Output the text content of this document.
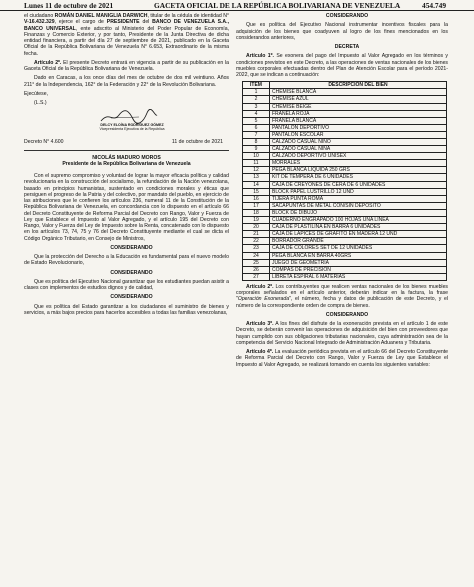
Lunes 11 de octubre de 2021	GACETA OFICIAL DE LA REPÚBLICA BOLIVARIANA DE VENEZUELA	454.749

el ciudadano ROMÁN DANIEL MANIGLIA DARWICH, titular de la cédula de identidad N° V-16.432.329, ejerce el cargo de PRESIDENTE del BANCO DE VENEZUELA S.A., BANCO UNIVERSAL, ente adscrito al Ministerio del Poder Popular de Economía, Finanzas y Comercio Exterior, y por tanto, Presidente de la Junta Directiva de dicha entidad financiera, a partir del día 27 de septiembre de 2021, publicado en la Gaceta Oficial de la República Bolivariana de Venezuela N° 6.653, Extraordinario de la misma fecha.

Artículo 2º. El presente Decreto entrará en vigencia a partir de su publicación en la Gaceta Oficial de la República Bolivariana de Venezuela.

Dado en Caracas, a los once días del mes de octubre de dos mil veintiuno. Años 211° de la Independencia, 162° de la Federación y 22° de la Revolución Bolivariana.

Ejecútese,

(L.S.)

DELCY ELOÍNA RODRÍGUEZ GÓMEZ
Vicepresidenta Ejecutiva de la República
Decreto N° 4.600	11 de octubre de 2021

NICOLÁS MADURO MOROS

Presidente de la República Bolivariana de Venezuela

Con el supremo compromiso y voluntad de lograr la mayor eficacia política y calidad revolucionaria en la construcción del socialismo, la refundación de la Nación venezolana, basado en principios humanistas, sustentado en condiciones morales y éticas que persiguen el progreso de la Patria y del colectivo, por mandato del pueblo, en ejercicio de las atribuciones que le confieren los artículos 236, numeral 11 de la Constitución de la República Bolivariana de Venezuela, en concordancia con lo dispuesto en el artículo 66 del Decreto Constituyente de Reforma Parcial del Decreto con Rango, Valor y Fuerza de Ley que Establece el Impuesto al Valor Agregado, y el artículo 195 del Decreto con Rango, Valor y Fuerza del Ley de Impuesto sobre la Renta, concatenado con lo dispuesto en los artículos 73, 74, 75 y 76 del Decreto Constituyente mediante el cual se dicta el Código Orgánico Tributario, en Consejo de Ministros,

CONSIDERANDO

Que la protección del Derecho a la Educación es fundamental para el nuevo modelo de Estado Revolucionario,

CONSIDERANDO

Que es política del Ejecutivo Nacional garantizar que los estudiantes puedan asistir a clases con implementos de estudios dignos y de calidad,

CONSIDERANDO

Que es política del Estado garantizar a los ciudadanos el suministro de bienes y servicios, a más bajos precios para hacerlos accesibles a todas las familias venezolanas,

CONSIDERANDO

Que es política del Ejecutivo Nacional instrumentar incentivos fiscales para la adquisición de los bienes que coadyuven al logro de los fines mencionados en los considerandos anteriores,

DECRETA

Artículo 1º. Se exonera del pago del Impuesto al Valor Agregado en los términos y condiciones previstos en este Decreto, a las operaciones de ventas nacionales de los bienes muebles corporales efectuadas dentro del Plan de Atención Escolar para el período 2021-2022, que se indican a continuación:

ITEM	DESCRIPCIÓN DEL BIEN
1	CHEMISE BLANCA
2	CHEMISE AZUL
3	CHEMISE BEIGE
4	FRANELA ROJA
5	FRANELA BLANCA
6	PANTALÓN DEPORTIVO
7	PANTALÓN ESCOLAR
8	CALZADO CASUAL NIÑO
9	CALZADO CASUAL NIÑA
10	CALZADO DEPORTIVO UNISEX
11	MORRALES
12	PEGA BLANCA LÍQUIDA 250 GRS
13	KIT DE TEMPERA DE 6 UNIDADES
14	CAJA DE CREYONES DE CERA DE 6 UNIDADES
15	BLOCK PAPEL LUSTRILLO 12 UND
16	TIJERA PUNTA ROMA
17	SACAPUNTAS DE METAL CON/SIN DEPOSITO
18	BLOCK DE DIBUJO
19	CUADERNO ENGRAPADO 100 HOJAS UNA LÍNEA
20	CAJA DE PLASTILINA EN BARRA 6 UNIDADES
21	CAJA DE LAPICES DE GRAFITO EN MADERA 12 UND
22	BORRADOR GRANDE
23	CAJA DE COLORES SET DE 12 UNIDADES
24	PEGA BLANCA EN BARRA 40GRS
25	JUEGO DE GEOMETRÍA
26	COMPÁS DE PRECISIÓN
27	LIBRETA ESPIRAL 6 MATERIAS

Artículo 2º. Los contribuyentes que realicen ventas nacionales de los bienes muebles corporales señalados en el artículo anterior, deberán indicar en la factura, la frase "Operación Exonerada", el número, fecha y datos de publicación de este Decreto, y el número de la correspondiente orden de compra de bienes.

CONSIDERANDO

Artículo 3º. A los fines del disfrute de la exoneración prevista en el artículo 1 de este Decreto, se deberán convenir las operaciones de adquisición del bien con proveedores que hayan cumplido con sus obligaciones tributarias nacionales, cuya administración sea de la competencia del Servicio Nacional Integrado de Administración Aduanera y Tributaria.

Artículo 4º. La evaluación periódica prevista en el artículo 66 del Decreto Constituyente de Reforma Parcial del Decreto con Rango, Valor y Fuerza de Ley que Establece el Impuesto al Valor Agregado, se realizará tomando en cuenta los siguientes variables:
